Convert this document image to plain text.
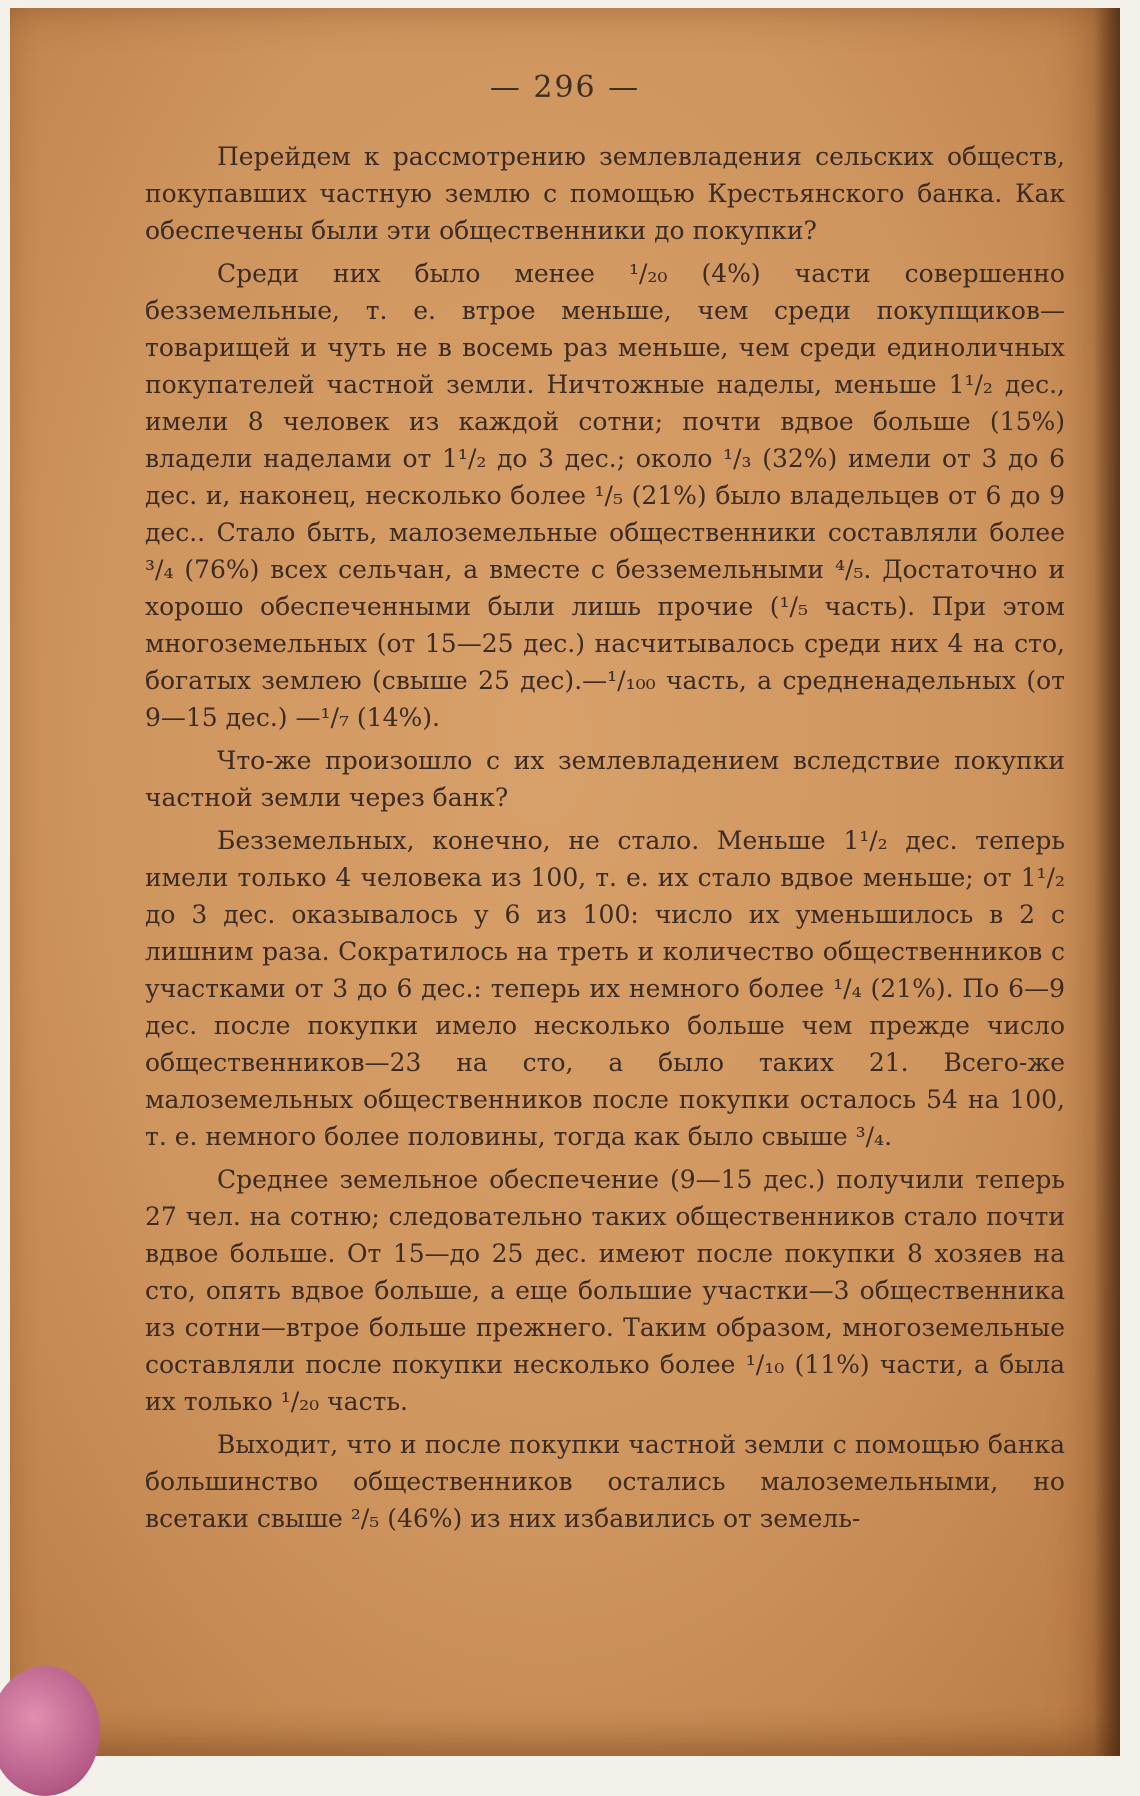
— 296 —

Перейдем к рассмотрению землевладения сельских обществ, покупавших частную землю с помощью Крестьянского банка. Как обеспечены были эти общественники до покупки?

Среди них было менее ¹/₂₀ (4%) части совершенно безземельные, т. е. втрое меньше, чем среди покупщиков—товарищей и чуть не в восемь раз меньше, чем среди единоличных покупателей частной земли. Ничтожные наделы, меньше 1¹/₂ дес., имели 8 человек из каждой сотни; почти вдвое больше (15%) владели наделами от 1¹/₂ до 3 дес.; около ¹/₃ (32%) имели от 3 до 6 дес. и, наконец, несколько более ¹/₅ (21%) было владельцев от 6 до 9 дес.. Стало быть, малоземельные общественники составляли более ³/₄ (76%) всех сельчан, а вместе с безземельными ⁴/₅. Достаточно и хорошо обеспеченными были лишь прочие (¹/₅ часть). При этом многоземельных (от 15—25 дес.) насчитывалось среди них 4 на сто, богатых землею (свыше 25 дес).—¹/₁₀₀ часть, а средненадельных (от 9—15 дес.) —¹/₇ (14%).

Что-же произошло с их землевладением вследствие покупки частной земли через банк?

Безземельных, конечно, не стало. Меньше 1¹/₂ дес. теперь имели только 4 человека из 100, т. е. их стало вдвое меньше; от 1¹/₂ до 3 дес. оказывалось у 6 из 100: число их уменьшилось в 2 с лишним раза. Сократилось на треть и количество общественников с участками от 3 до 6 дес.: теперь их немного более ¹/₄ (21%). По 6—9 дес. после покупки имело несколько больше чем прежде число общественников—23 на сто, а было таких 21. Всего-же малоземельных общественников после покупки осталось 54 на 100, т. е. немного более половины, тогда как было свыше ³/₄.

Среднее земельное обеспечение (9—15 дес.) получили теперь 27 чел. на сотню; следовательно таких общественников стало почти вдвое больше. От 15—до 25 дес. имеют после покупки 8 хозяев на сто, опять вдвое больше, а еще большие участки—3 общественника из сотни—втрое больше прежнего. Таким образом, многоземельные составляли после покупки несколько более ¹/₁₀ (11%) части, а была их только ¹/₂₀ часть.

Выходит, что и после покупки частной земли с помощью банка большинство общественников остались малоземельными, но всетаки свыше ²/₅ (46%) из них избавились от земель-
